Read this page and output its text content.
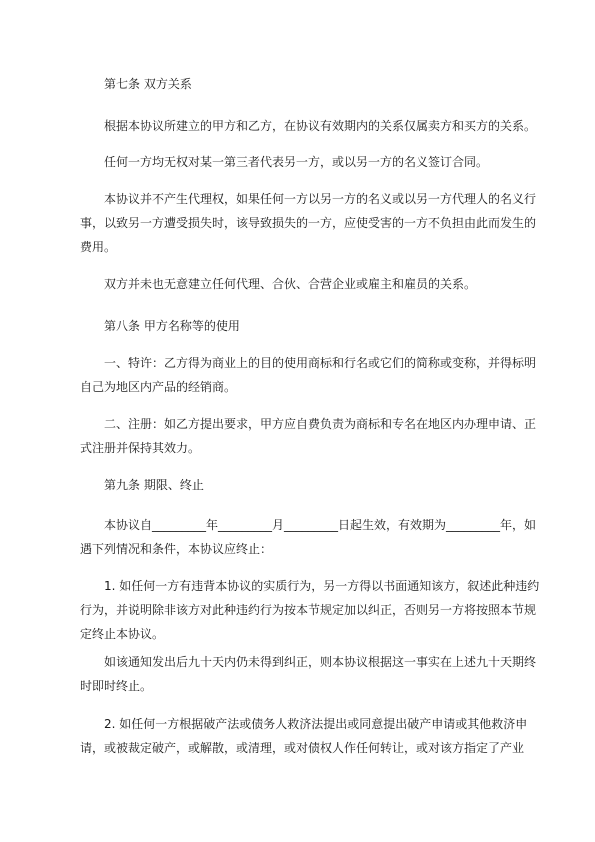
第七条 双方关系

根据本协议所建立的甲方和乙方，在协议有效期内的关系仅属卖方和买方的关系。

任何一方均无权对某一第三者代表另一方，或以另一方的名义签订合同。

本协议并不产生代理权，如果任何一方以另一方的名义或以另一方代理人的名义行事，以致另一方遭受损失时，该导致损失的一方，应使受害的一方不负担由此而发生的费用。

双方并未也无意建立任何代理、合伙、合营企业或雇主和雇员的关系。

第八条 甲方名称等的使用

一、特许：乙方得为商业上的目的使用商标和行名或它们的简称或变称，并得标明自己为地区内产品的经销商。

二、注册：如乙方提出要求，甲方应自费负责为商标和专名在地区内办理申请、正式注册并保持其效力。

第九条 期限、终止

本协议自_________年_________月_________日起生效，有效期为_________年，如遇下列情况和条件，本协议应终止：

1. 如任何一方有违背本协议的实质行为，另一方得以书面通知该方，叙述此种违约行为，并说明除非该方对此种违约行为按本节规定加以纠正，否则另一方将按照本节规定终止本协议。

如该通知发出后九十天内仍未得到纠正，则本协议根据这一事实在上述九十天期终时即时终止。

2. 如任何一方根据破产法或债务人救济法提出或同意提出破产申请或其他救济申请，或被裁定破产，或解散，或清理，或对债权人作任何转让，或对该方指定了产业
